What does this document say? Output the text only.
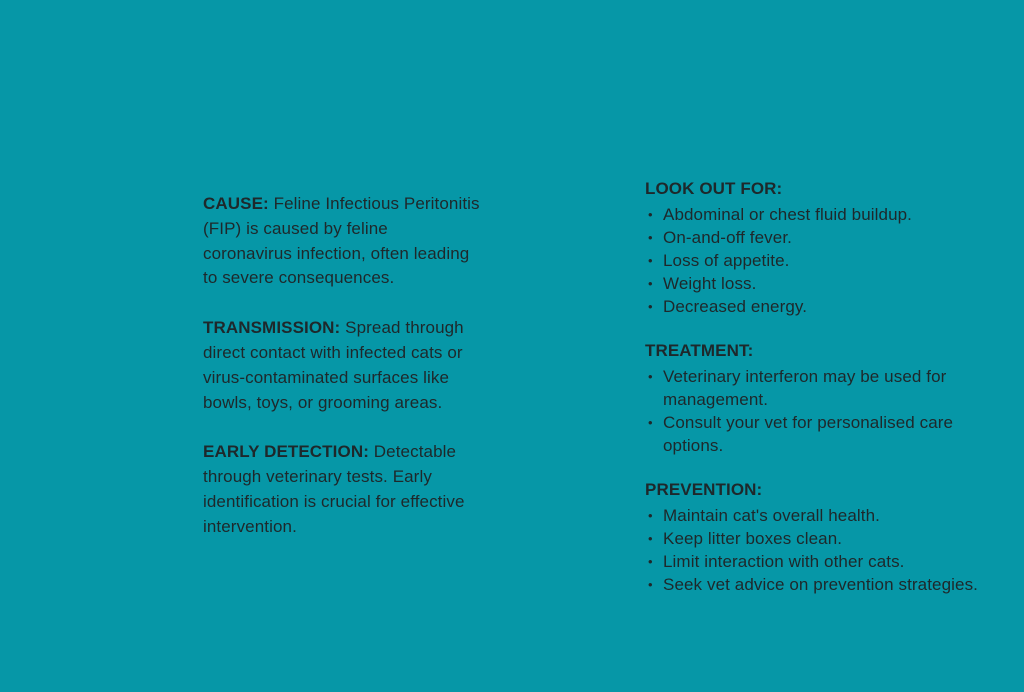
CAUSE: Feline Infectious Peritonitis (FIP) is caused by feline coronavirus infection, often leading to severe consequences.

TRANSMISSION: Spread through direct contact with infected cats or virus-contaminated surfaces like bowls, toys, or grooming areas.

EARLY DETECTION: Detectable through veterinary tests. Early identification is crucial for effective intervention.

LOOK OUT FOR:
• Abdominal or chest fluid buildup.
• On-and-off fever.
• Loss of appetite.
• Weight loss.
• Decreased energy.
TREATMENT:
• Veterinary interferon may be used for management.
• Consult your vet for personalised care options.
PREVENTION:
• Maintain cat's overall health.
• Keep litter boxes clean.
• Limit interaction with other cats.
• Seek vet advice on prevention strategies.
